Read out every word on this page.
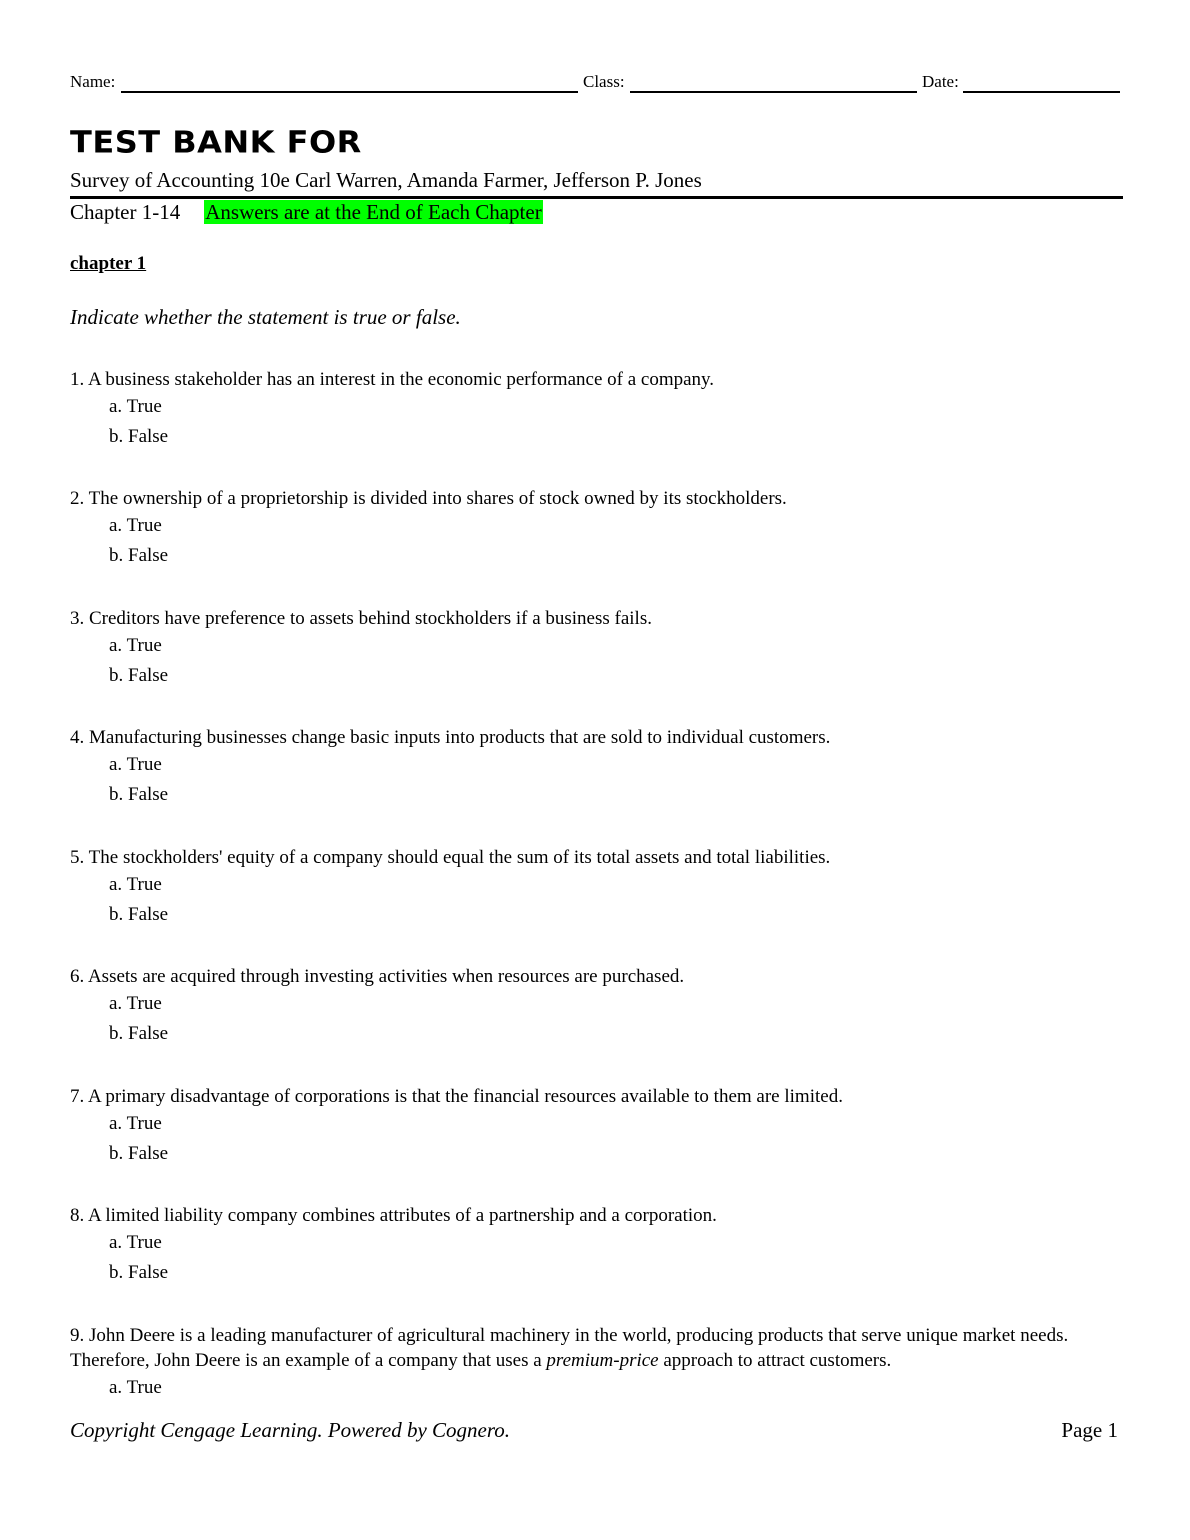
Name:	Class:	Date:
TEST BANK FOR
Survey of Accounting 10e Carl Warren, Amanda Farmer, Jefferson P. Jones
Chapter 1-14 Answers are at the End of Each Chapter
chapter 1
Indicate whether the statement is true or false.
1. A business stakeholder has an interest in the economic performance of a company.
a. True
b. False
2. The ownership of a proprietorship is divided into shares of stock owned by its stockholders.
a. True
b. False
3. Creditors have preference to assets behind stockholders if a business fails.
a. True
b. False
4. Manufacturing businesses change basic inputs into products that are sold to individual customers.
a. True
b. False
5. The stockholders' equity of a company should equal the sum of its total assets and total liabilities.
a. True
b. False
6. Assets are acquired through investing activities when resources are purchased.
a. True
b. False
7. A primary disadvantage of corporations is that the financial resources available to them are limited.
a. True
b. False
8. A limited liability company combines attributes of a partnership and a corporation.
a. True
b. False
9. John Deere is a leading manufacturer of agricultural machinery in the world, producing products that serve unique market needs. Therefore, John Deere is an example of a company that uses a premium-price approach to attract customers.
a. True
Copyright Cengage Learning. Powered by Cognero.	Page 1
